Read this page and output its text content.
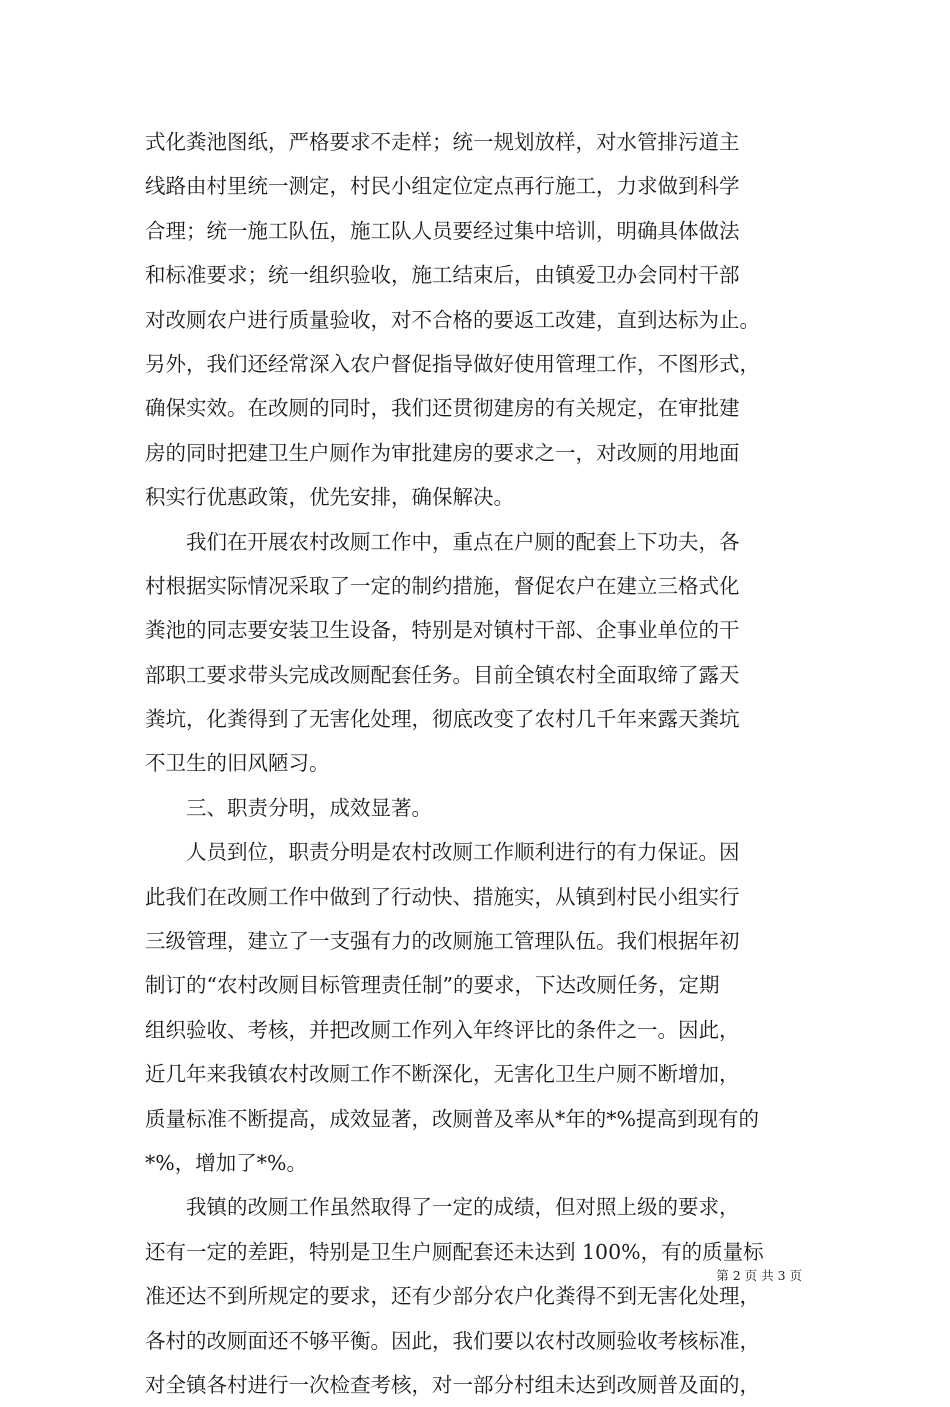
式化粪池图纸，严格要求不走样；统一规划放样，对水管排污道主
线路由村里统一测定，村民小组定位定点再行施工，力求做到科学
合理；统一施工队伍，施工队人员要经过集中培训，明确具体做法
和标准要求；统一组织验收，施工结束后，由镇爱卫办会同村干部
对改厕农户进行质量验收，对不合格的要返工改建，直到达标为止。
另外，我们还经常深入农户督促指导做好使用管理工作，不图形式，
确保实效。在改厕的同时，我们还贯彻建房的有关规定，在审批建
房的同时把建卫生户厕作为审批建房的要求之一，对改厕的用地面
积实行优惠政策，优先安排，确保解决。
我们在开展农村改厕工作中，重点在户厕的配套上下功夫，各
村根据实际情况采取了一定的制约措施，督促农户在建立三格式化
粪池的同志要安装卫生设备，特别是对镇村干部、企事业单位的干
部职工要求带头完成改厕配套任务。目前全镇农村全面取缔了露天
粪坑，化粪得到了无害化处理，彻底改变了农村几千年来露天粪坑
不卫生的旧风陋习。
三、职责分明，成效显著。
人员到位，职责分明是农村改厕工作顺利进行的有力保证。因
此我们在改厕工作中做到了行动快、措施实，从镇到村民小组实行
三级管理，建立了一支强有力的改厕施工管理队伍。我们根据年初
制订的“农村改厕目标管理责任制”的要求，下达改厕任务，定期
组织验收、考核，并把改厕工作列入年终评比的条件之一。因此，
近几年来我镇农村改厕工作不断深化，无害化卫生户厕不断增加，
质量标准不断提高，成效显著，改厕普及率从*年的*%提高到现有的
*%，增加了*%。
我镇的改厕工作虽然取得了一定的成绩，但对照上级的要求，
还有一定的差距，特别是卫生户厕配套还未达到 100%，有的质量标
准还达不到所规定的要求，还有少部分农户化粪得不到无害化处理，
各村的改厕面还不够平衡。因此，我们要以农村改厕验收考核标准，
对全镇各村进行一次检查考核，对一部分村组未达到改厕普及面的，
第 2 页 共 3 页
